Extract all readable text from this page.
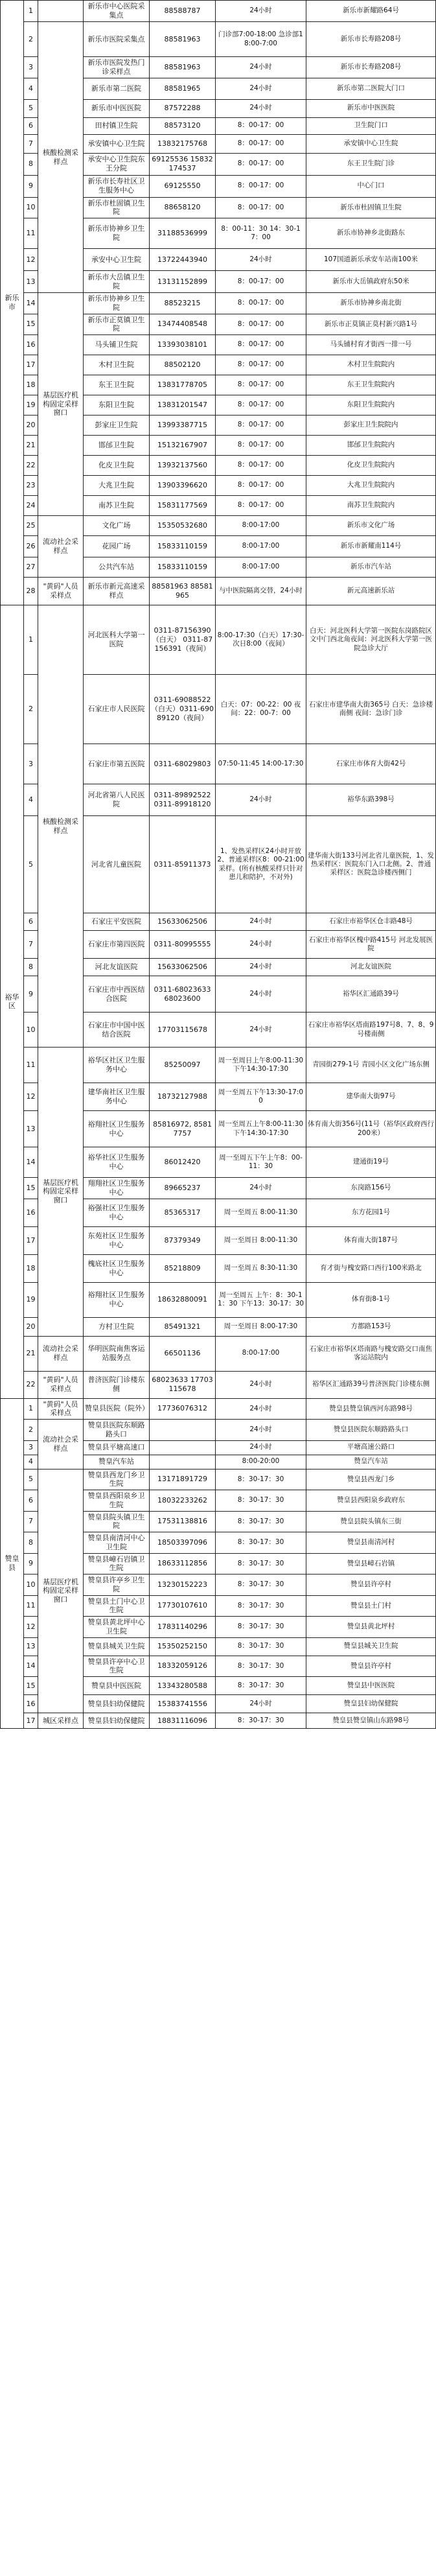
新乐市	1		新乐市中心医院采集点	88588787	24小时	新乐市新耀路64号
	2	核酸检测采样点	新乐市医院采集点	88581963	门诊部7:00-18:00 急诊部18:00-7:00	新乐市长寿路208号
	3		新乐市医院发热门诊采样点	88581963	24小时	新乐市长寿路208号
	4		新乐市第二医院	88581965	24小时	新乐市第二医院大门口
	5		新乐市中医医院	87572288	24小时	新乐市中医医院
	6		田村镇卫生院	88573120	8：00-17：00	卫生院门口
	7		承安镇中心卫生院	13832175768	8：00-17：00	承安镇中心卫生院
	8		承安中心卫生院东王分院	69125536 15832174537	8：00-17：00	东王卫生院门诊
	9		新乐市长寿社区卫生服务中心	69125550	8：00-17：00	中心门口
	10		新乐市杜固镇卫生院	88658120	8：00-17：00	新乐市杜固镇卫生院
	11		新乐市协神乡卫生院	31188536999	8：00-11：30 14：30-17：00	新乐市协神乡北街路东
	12		承安中心卫生院	13722443940	24小时	107国道新乐承安车站南100米
	13		新乐市大岳镇卫生院	13131152899	8：00-17：00	新乐市大岳镇政府东50米
	14	基层医疗机构固定采样窗口	新乐市协神乡卫生院	88523215	8：00-17：00	新乐市协神乡南北街
	15		新乐市正莫镇卫生院	13474408548	8：00-17：00	新乐市正莫镇正莫村新兴路1号
	16		马头铺卫生院	13393038101	8：00-17：00	马头铺村育才街西一排一号
	17		木村卫生院	88502120	8：00-17：00	木村卫生院院内
	18		东王卫生院	13831778705	8：00-17：00	东王卫生院院内
	19		东阳卫生院	13831201547	8：00-17：00	东阳卫生院院内
	20		彭家庄卫生院	13993387715	8：00-17：00	彭家庄卫生院院内
	21		邯邰卫生院	15132167907	8：00-17：00	邯邰卫生院院内
	22		化皮卫生院	13932137560	8：00-17：00	化皮卫生院院内
	23		大兆卫生院	13903396620	8：00-17：00	大兆卫生院院内
	24		南苏卫生院	15831177569	8：00-17：00	南苏卫生院院内
	25	流动社会采样点	文化广场	15350532680	8:00-17:00	新乐市文化广场
	26		花园广场	15833110159	8:00-17:00	新乐市新耀南114号
	27		公共汽车站	15833110159	8:00-17:00	新乐市汽车站
	28	"黄码"人员采样点	新乐市新元高速采样点	88581963 88581965	与中医院隔离交替，24小时	新元高速新乐站
裕华区	1	核酸检测采样点	河北医科大学第一医院	0311-87156390（白天） 0311-87156391（夜间）	8:00-17:30（白天）17:30-次日8:00（夜间）	白天：河北医科大学第一医院东岗路院区文中门西北角夜间：河北医科大学第一医院急诊大厅
	2		石家庄市人民医院	0311-69088522（白天）0311-69089120（夜间）	白天：07：00-22：00 夜间：22：00-7：00	石家庄市建华南大街365号 白天：急诊楼南侧 夜间：急诊门诊
	3		石家庄市第五医院	0311-68029803	07:50-11:45 14:00-17:30	石家庄市体育大街42号
	4		河北省第八人民医院	0311-89892522 0311-89918120	24小时	裕华东路398号
	5		河北省儿童医院	0311-85911373	1、发热采样区24小时开放 2、普通采样区8：00-21:00采样。(所有核酸采样只针对患儿和陪护，不对外)	建华南大街133号河北省儿童医院，1、发热采样区：医院东门入口北侧。2、普通采样区：医院急诊楼西侧门
	6		石家庄平安医院	15633062506	24小时	石家庄市裕华区仓丰路48号
	7		石家庄市第四医院	0311-80995555	24小时	石家庄市裕华区槐中路415号 河北发展医院
	8		河北友谊医院	15633062506	24小时	河北友谊医院
	9		石家庄市中西医结合医院	0311-68023633 68023600	24小时	裕华区汇通路39号
	10		石家庄市中国中医结合医院	17703115678	24小时	石家庄市裕华区塔南路197号8、7、8、9号楼南侧
	11	基层医疗机构固定采样窗口	裕华区社区卫生服务中心	85250097	周一至周日上午8:00-11:30 下午14:30-17:30	青园街279-1号 青园小区文化广场东侧
	12		建华南社区卫生服务中心	18732127988	周一至周五下午13:30-17:00	建华南大街97号
	13		裕翔社区卫生服务中心	85816972, 85817757	周一至周五上午8:00-11:30 下午14:30-17:30	体育南大街356号(11号（裕华区政府西行200米）
	14		裕华社区卫生服务中心	86012420	周一至周五下午上午8：00-11：30	建通街19号
	15		翔翔社区卫生服务中心	89665237	24小时	东岗路156号
	16		裕强社区卫生服务中心	85365317	周一至周五 8:00-11:30	东方花园1号
	17		东苑社区卫生服务中心	87379349	周一至周日 8:00-11:30	体育南大街187号
	18		槐底社区卫生服务中心	85218809	周一至周五 8:30-11:30	育才街与槐安路口西行100米路北
	19		裕翔社区卫生服务中心	18632880091	周一至周五 上午：8：30-11：30 下午13：30-17：30	体育街8-1号
	20		方村卫生院	85491321	周一至周日 8:00-17:30	方都路153号
	21	流动社会采样点	华明医院南焦客运站服务点	66501136	8:00-17:00	石家庄市裕华区塔南路与槐安路交口南焦客运站院内
	22	"黄码"人员采样点	普济医院门诊楼东侧	68023633 17703115678	24小时	裕华区汇通路39号普济医院门诊楼东侧
赞皇县	1	"黄码"人员采样点	赞皇县医院（院外）	17736076312	24小时	赞皇县赞皇镇西河东路98号
	2	流动社会采样点	赞皇县医院东顺路路头口		24小时	赞皇县医院东顺路路头口
	3		赞皇县平塘高速口		24小时	平塘高速公路口
	4		赞皇汽车站		8:00-20:00	赞皇汽车站
	5	基层医疗机构固定采样窗口	赞皇县西龙门乡卫生院	13171891729	8：30-17：30	赞皇县西龙门乡
	6		赞皇县西阳泉乡卫生院	18032233262	8：30-17：30	赞皇县西阳泉乡政府东
	7		赞皇县院头镇卫生院	17531138816	8：30-17：30	赞皇县院头镇东三街
	8		赞皇县南清河中心卫生院	18503397096	8：30-17：30	赞皇县南清河村
	9		赞皇县嶂石岩镇卫生院	18633112856	8：30-17：30	赞皇县嶂石岩镇
	10		赞皇县许亭乡卫生院	13230152223	8：30-17：30	赞皇县许亭村
	11		赞皇县土门中心卫生院	17730107610	8：30-17：30	赞皇县土门村
	12		赞皇县黄北坪中心卫生院	17831140296	8：30-17：30	赞皇县黄北坪村
	13		赞皇县城关卫生院	15350252150	8：30-17：30	赞皇县城关卫生院
	14		赞皇县许亭中心卫生院	18332059126	8：30-17：30	赞皇县许亭村
	15		赞皇县中医医院	13343280588	8：30-17：30	赞皇县中医医院
	16		赞皇县妇幼保健院	15383741556	24小时	赞皇县妇幼保健院
	17	城区采样点	赞皇县妇幼保健院	18831116096	8：30-17：30	赞皇县赞皇镇山东路98号
